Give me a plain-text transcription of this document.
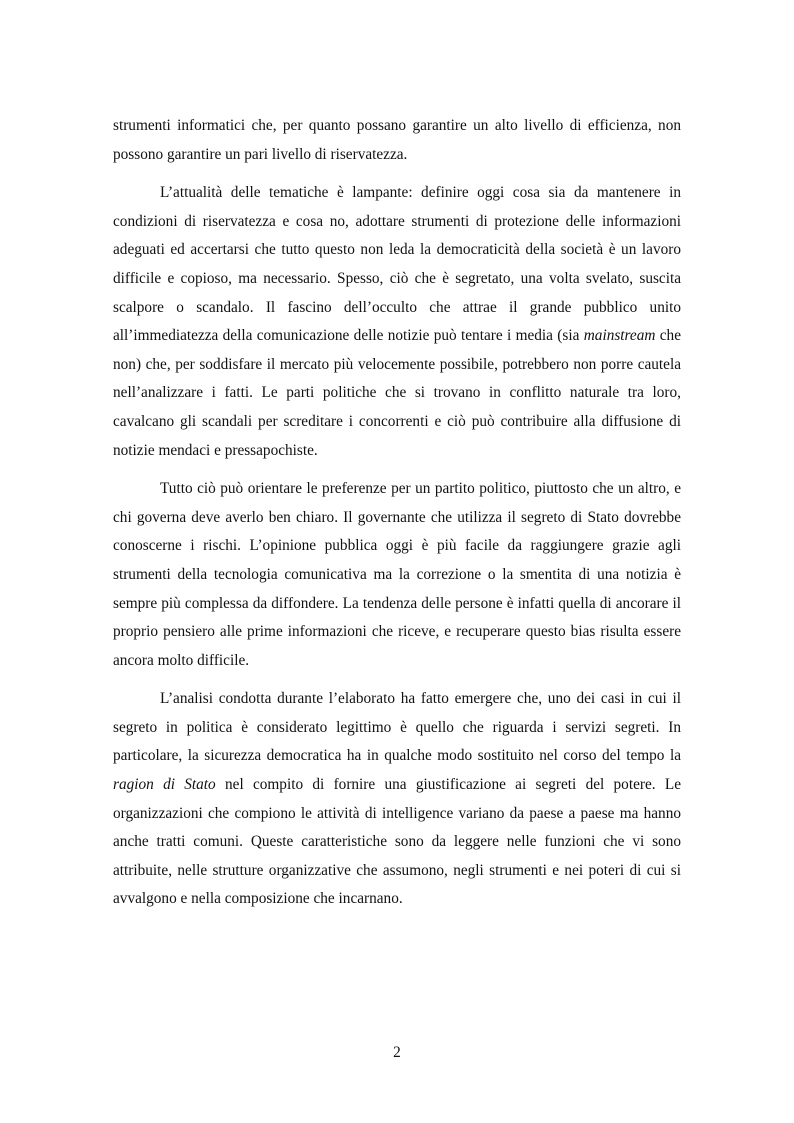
strumenti informatici che, per quanto possano garantire un alto livello di efficienza, non possono garantire un pari livello di riservatezza.

L’attualità delle tematiche è lampante: definire oggi cosa sia da mantenere in condizioni di riservatezza e cosa no, adottare strumenti di protezione delle informazioni adeguati ed accertarsi che tutto questo non leda la democraticità della società è un lavoro difficile e copioso, ma necessario. Spesso, ciò che è segretato, una volta svelato, suscita scalpore o scandalo. Il fascino dell’occulto che attrae il grande pubblico unito all’immediatezza della comunicazione delle notizie può tentare i media (sia mainstream che non) che, per soddisfare il mercato più velocemente possibile, potrebbero non porre cautela nell’analizzare i fatti. Le parti politiche che si trovano in conflitto naturale tra loro, cavalcano gli scandali per screditare i concorrenti e ciò può contribuire alla diffusione di notizie mendaci e pressapochiste.

Tutto ciò può orientare le preferenze per un partito politico, piuttosto che un altro, e chi governa deve averlo ben chiaro. Il governante che utilizza il segreto di Stato dovrebbe conoscerne i rischi. L’opinione pubblica oggi è più facile da raggiungere grazie agli strumenti della tecnologia comunicativa ma la correzione o la smentita di una notizia è sempre più complessa da diffondere. La tendenza delle persone è infatti quella di ancorare il proprio pensiero alle prime informazioni che riceve, e recuperare questo bias risulta essere ancora molto difficile.

L’analisi condotta durante l’elaborato ha fatto emergere che, uno dei casi in cui il segreto in politica è considerato legittimo è quello che riguarda i servizi segreti. In particolare, la sicurezza democratica ha in qualche modo sostituito nel corso del tempo la ragion di Stato nel compito di fornire una giustificazione ai segreti del potere. Le organizzazioni che compiono le attività di intelligence variano da paese a paese ma hanno anche tratti comuni. Queste caratteristiche sono da leggere nelle funzioni che vi sono attribuite, nelle strutture organizzative che assumono, negli strumenti e nei poteri di cui si avvalgono e nella composizione che incarnano.

2
